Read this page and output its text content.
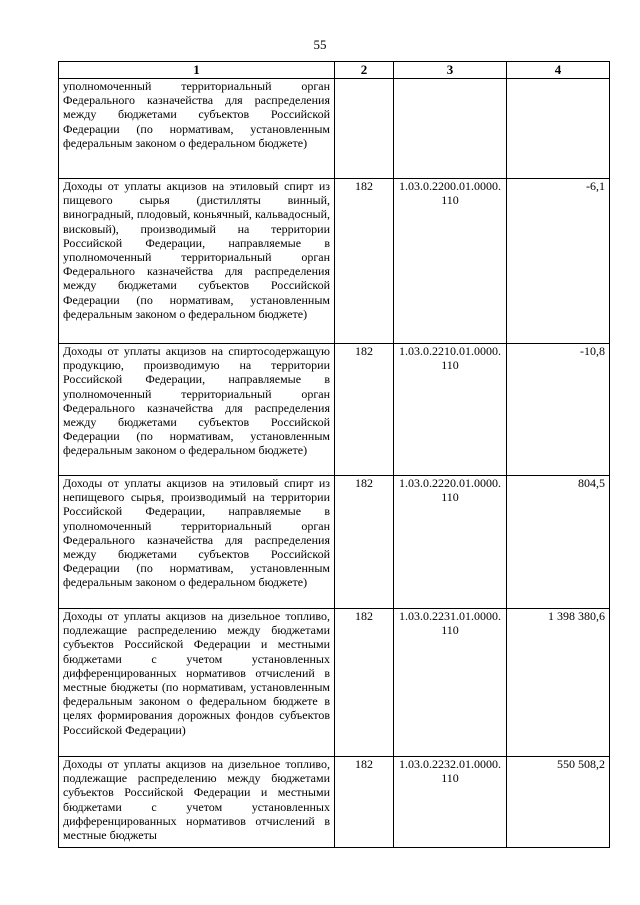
55
1	2	3	4
уполномоченный территориальный орган Федерального казначейства для распределения между бюджетами субъектов Российской Федерации (по нормативам, установленным федеральным законом о федеральном бюджете)			
Доходы от уплаты акцизов на этиловый спирт из пищевого сырья (дистилляты винный, виноградный, плодовый, коньячный, кальвадосный, висковый), производимый на территории Российской Федерации, направляемые в уполномоченный территориальный орган Федерального казначейства для распределения между бюджетами субъектов Российской Федерации (по нормативам, установленным федеральным законом о федеральном бюджете)	182	1.03.0.2200.01.0000. 110	-6,1
Доходы от уплаты акцизов на спиртосодержащую продукцию, производимую на территории Российской Федерации, направляемые в уполномоченный территориальный орган Федерального казначейства для распределения между бюджетами субъектов Российской Федерации (по нормативам, установленным федеральным законом о федеральном бюджете)	182	1.03.0.2210.01.0000. 110	-10,8
Доходы от уплаты акцизов на этиловый спирт из непищевого сырья, производимый на территории Российской Федерации, направляемые в уполномоченный территориальный орган Федерального казначейства для распределения между бюджетами субъектов Российской Федерации (по нормативам, установленным федеральным законом о федеральном бюджете)	182	1.03.0.2220.01.0000. 110	804,5
Доходы от уплаты акцизов на дизельное топливо, подлежащие распределению между бюджетами субъектов Российской Федерации и местными бюджетами с учетом установленных дифференцированных нормативов отчислений в местные бюджеты (по нормативам, установленным федеральным законом о федеральном бюджете в целях формирования дорожных фондов субъектов Российской Федерации)	182	1.03.0.2231.01.0000. 110	1 398 380,6
Доходы от уплаты акцизов на дизельное топливо, подлежащие распределению между бюджетами субъектов Российской Федерации и местными бюджетами с учетом установленных дифференцированных нормативов отчислений в местные бюджеты	182	1.03.0.2232.01.0000. 110	550 508,2
